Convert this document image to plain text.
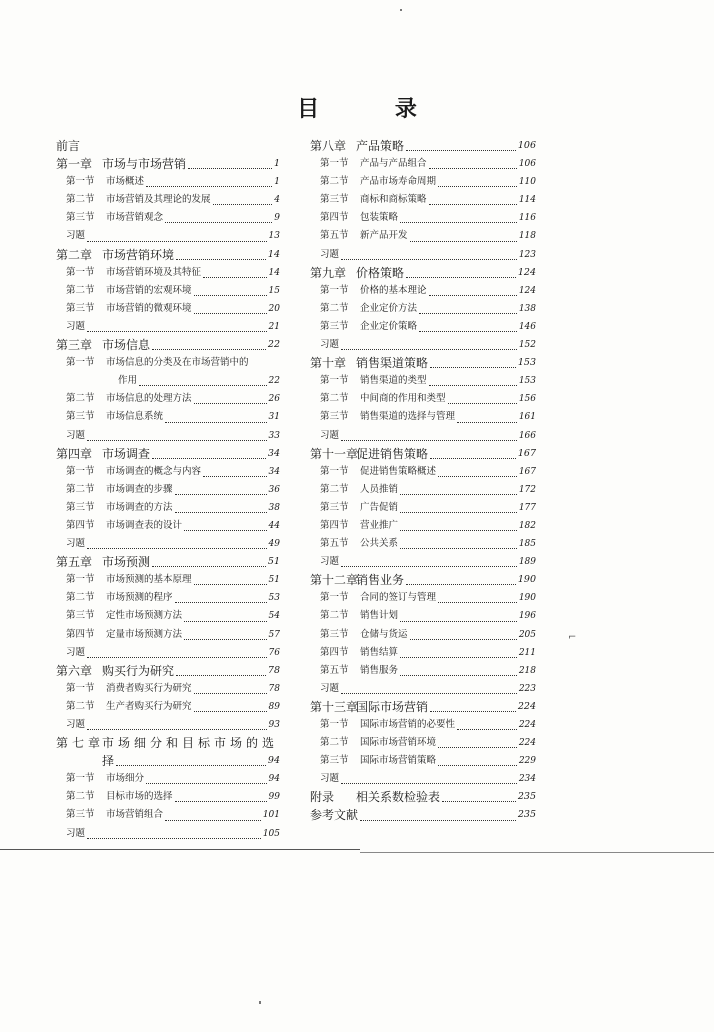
目 录
前言
第一章 市场与市场营销	1
第一节 市场概述	1
第二节 市场营销及其理论的发展	4
第三节 市场营销观念	9
习题	13
第二章 市场营销环境	14
第一节 市场营销环境及其特征	14
第二节 市场营销的宏观环境	15
第三节 市场营销的微观环境	20
习题	21
第三章 市场信息	22
第一节 市场信息的分类及在市场营销中的
作用	22
第二节 市场信息的处理方法	26
第三节 市场信息系统	31
习题	33
第四章 市场调查	34
第一节 市场调查的概念与内容	34
第二节 市场调查的步骤	36
第三节 市场调查的方法	38
第四节 市场调查表的设计	44
习题	49
第五章 市场预测	51
第一节 市场预测的基本原理	51
第二节 市场预测的程序	53
第三节 定性市场预测方法	54
第四节 定量市场预测方法	57
习题	76
第六章 购买行为研究	78
第一节 消费者购买行为研究	78
第二节 生产者购买行为研究	89
习题	93
第七章市场细分和目标市场的选
择	94
第一节 市场细分	94
第二节 目标市场的选择	99
第三节 市场营销组合	101
习题	105
第八章 产品策略	106
第一节 产品与产品组合	106
第二节 产品市场寿命周期	110
第三节 商标和商标策略	114
第四节 包装策略	116
第五节 新产品开发	118
习题	123
第九章 价格策略	124
第一节 价格的基本理论	124
第二节 企业定价方法	138
第三节 企业定价策略	146
习题	152
第十章 销售渠道策略	153
第一节 销售渠道的类型	153
第二节 中间商的作用和类型	156
第三节 销售渠道的选择与管理	161
习题	166
第十一章促进销售策略	167
第一节 促进销售策略概述	167
第二节 人员推销	172
第三节 广告促销	177
第四节 营业推广	182
第五节 公共关系	185
习题	189
第十二章销售业务	190
第一节 合同的签订与管理	190
第二节 销售计划	196
第三节 仓储与货运	205
第四节 销售结算	211
第五节 销售服务	218
习题	223
第十三章国际市场营销	224
第一节 国际市场营销的必要性	224
第二节 国际市场营销环境	224
第三节 国际市场营销策略	229
习题	234
附录 相关系数检验表	235
参考文献	235
⌐
